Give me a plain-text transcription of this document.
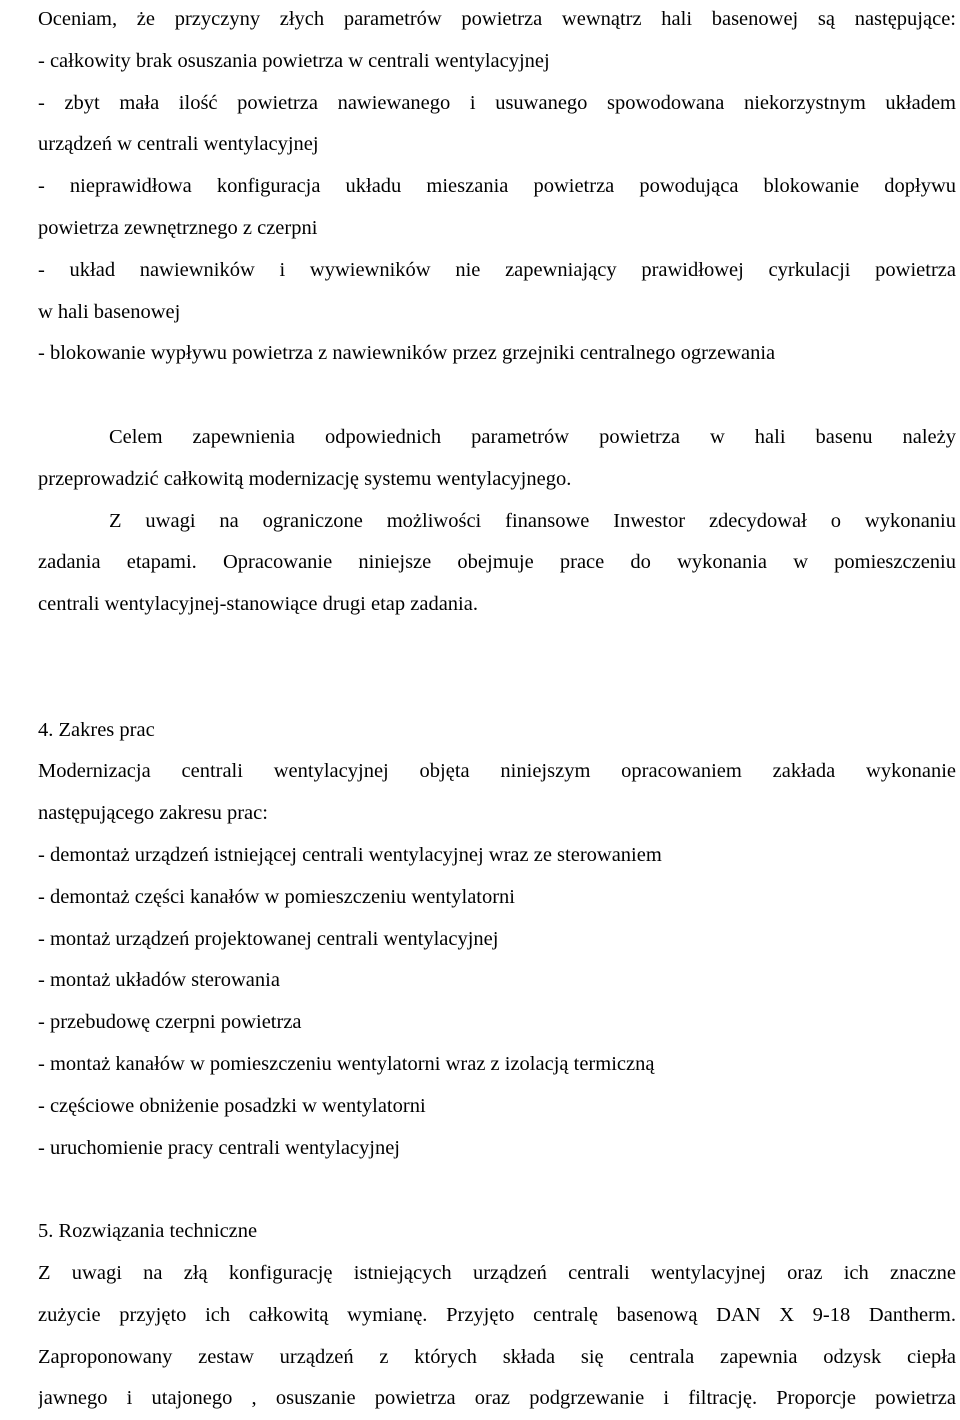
Oceniam, że przyczyny złych parametrów powietrza wewnątrz hali basenowej są następujące:
- całkowity brak osuszania powietrza w centrali wentylacyjnej
- zbyt mała ilość powietrza nawiewanego i usuwanego spowodowana niekorzystnym układem
urządzeń w centrali wentylacyjnej
- nieprawidłowa konfiguracja układu mieszania powietrza powodująca blokowanie dopływu
powietrza zewnętrznego z czerpni
- układ nawiewników i wywiewników nie zapewniający prawidłowej cyrkulacji powietrza
w hali basenowej
- blokowanie wypływu powietrza z nawiewników przez grzejniki centralnego ogrzewania
Celem zapewnienia odpowiednich parametrów powietrza w hali basenu należy
przeprowadzić całkowitą modernizację systemu wentylacyjnego.
Z uwagi na ograniczone możliwości finansowe Inwestor zdecydował o wykonaniu
zadania etapami. Opracowanie niniejsze obejmuje prace do wykonania w pomieszczeniu
centrali wentylacyjnej-stanowiące drugi etap zadania.
4. Zakres prac
Modernizacja centrali wentylacyjnej objęta niniejszym opracowaniem zakłada wykonanie
następującego zakresu prac:
- demontaż urządzeń istniejącej centrali wentylacyjnej wraz ze sterowaniem
- demontaż części kanałów w pomieszczeniu wentylatorni
- montaż urządzeń projektowanej centrali wentylacyjnej
- montaż układów sterowania
- przebudowę czerpni powietrza
- montaż kanałów w pomieszczeniu wentylatorni wraz z izolacją termiczną
- częściowe obniżenie posadzki w wentylatorni
- uruchomienie pracy centrali wentylacyjnej
5. Rozwiązania techniczne
Z uwagi na złą konfigurację istniejących urządzeń centrali wentylacyjnej oraz ich znaczne
zużycie przyjęto ich całkowitą wymianę. Przyjęto centralę basenową DAN X 9-18 Dantherm.
Zaproponowany zestaw urządzeń z których składa się centrala zapewnia odzysk ciepła
jawnego i utajonego , osuszanie powietrza oraz podgrzewanie i filtrację. Proporcje powietrza
